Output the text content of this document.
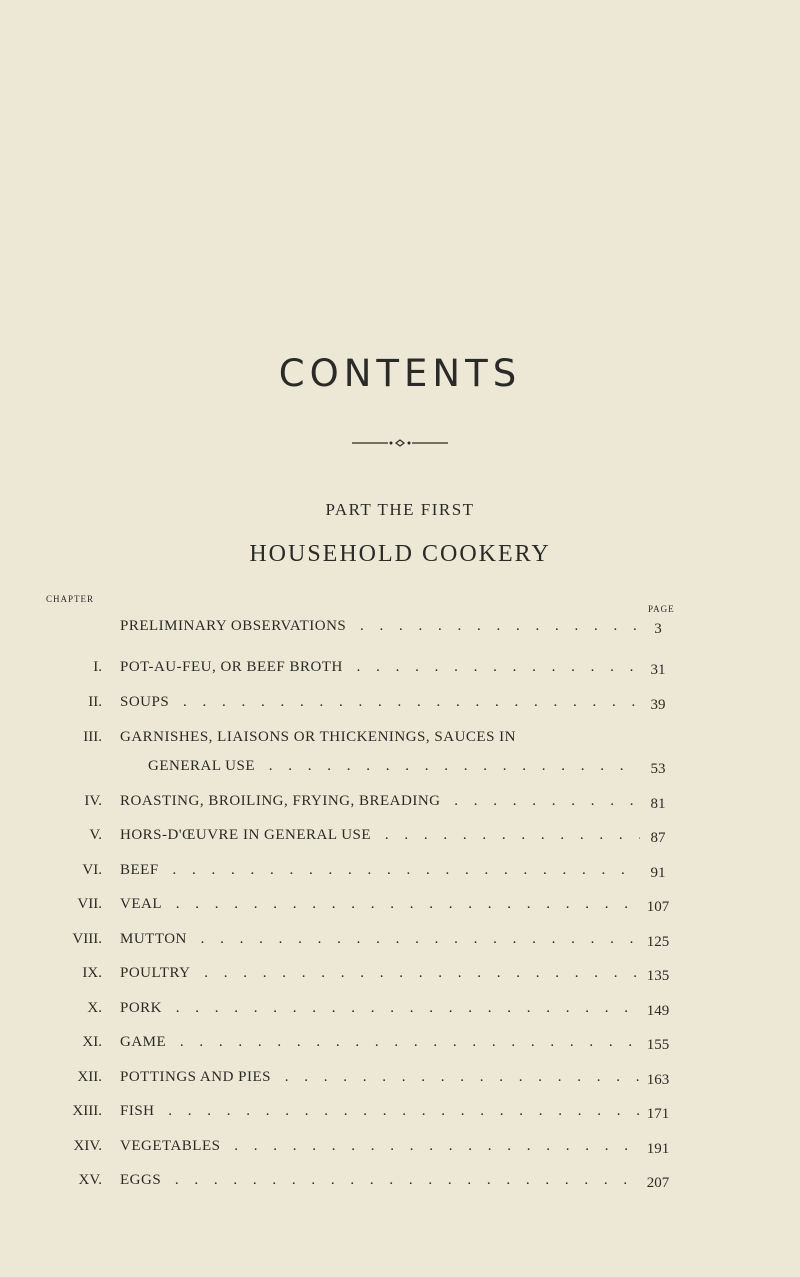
CONTENTS
PART THE FIRST
HOUSEHOLD COOKERY
CHAPTER
PAGE
PRELIMINARY OBSERVATIONS . . .	3
I. POT-AU-FEU, OR BEEF BROTH . . .	31
II. SOUPS . . .	39
III. GARNISHES, LIAISONS OR THICKENINGS, SAUCES IN
GENERAL USE . . .	53
IV. ROASTING, BROILING, FRYING, BREADING . . .	81
V. HORS-D'ŒUVRE IN GENERAL USE . . .	87
VI. BEEF . . .	91
VII. VEAL . . .	107
VIII. MUTTON . . .	125
IX. POULTRY . . .	135
X. PORK . . .	149
XI. GAME . . .	155
XII. POTTINGS AND PIES . . .	163
XIII. FISH . . .	171
XIV. VEGETABLES . . .	191
XV. EGGS . . .	207
